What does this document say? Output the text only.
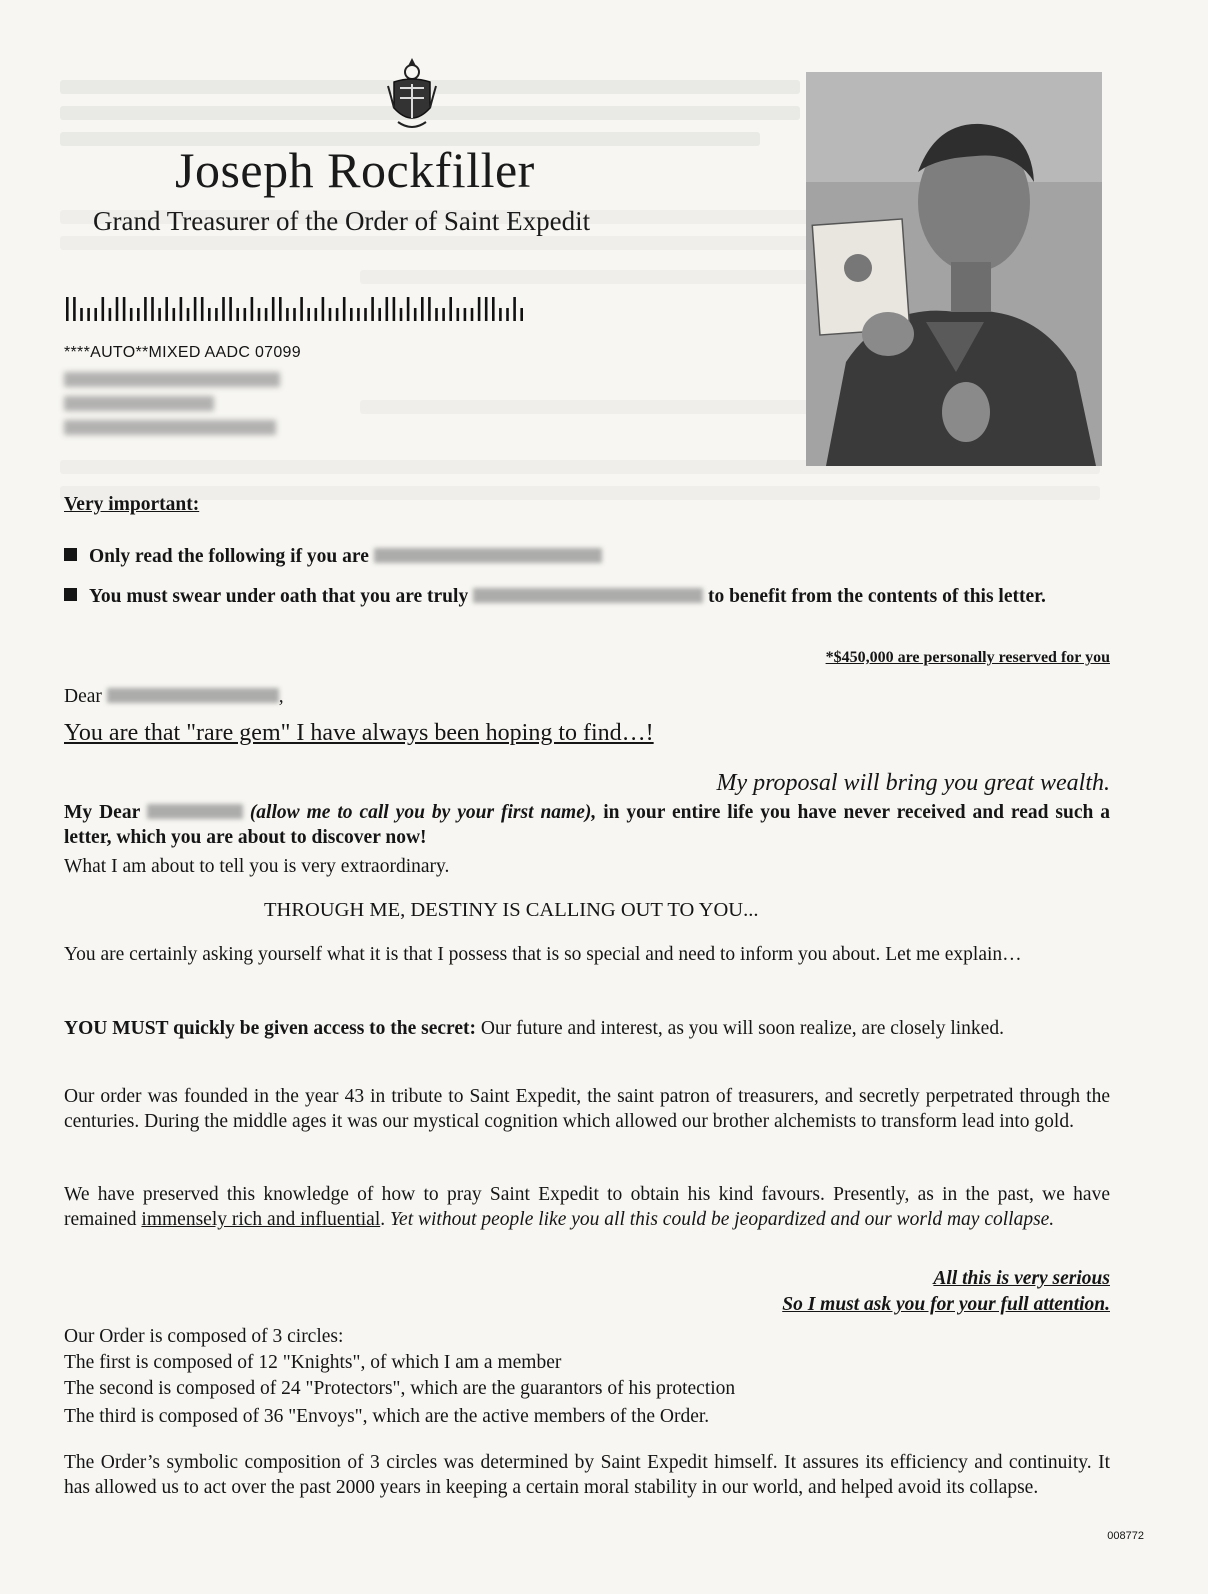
Joseph Rockfiller
Grand Treasurer of the Order of Saint Expedit
****AUTO**MIXED AADC 07099
Very important:
Only read the following if you are
You must swear under oath that you are truly	to benefit from the contents of this letter.
*$450,000 are personally reserved for you
Dear	,
You are that "rare gem" I have always been hoping to find…!
My proposal will bring you great wealth.
My Dear	(allow me to call you by your first name), in your entire life you have never received and read such a letter, which you are about to discover now!
What I am about to tell you is very extraordinary.
THROUGH ME, DESTINY IS CALLING OUT TO YOU...
You are certainly asking yourself what it is that I possess that is so special and need to inform you about. Let me explain…
YOU MUST quickly be given access to the secret: Our future and interest, as you will soon realize, are closely linked.
Our order was founded in the year 43 in tribute to Saint Expedit, the saint patron of treasurers, and secretly perpetrated through the centuries. During the middle ages it was our mystical cognition which allowed our brother alchemists to transform lead into gold.
We have preserved this knowledge of how to pray Saint Expedit to obtain his kind favours. Presently, as in the past, we have remained immensely rich and influential. Yet without people like you all this could be jeopardized and our world may collapse.
All this is very serious
So I must ask you for your full attention.
Our Order is composed of 3 circles:
The first is composed of 12 "Knights", of which I am a member
The second is composed of 24 "Protectors", which are the guarantors of his protection
The third is composed of 36 "Envoys", which are the active members of the Order.
The Order’s symbolic composition of 3 circles was determined by Saint Expedit himself. It assures its efficiency and continuity. It has allowed us to act over the past 2000 years in keeping a certain moral stability in our world, and helped avoid its collapse.
008772
